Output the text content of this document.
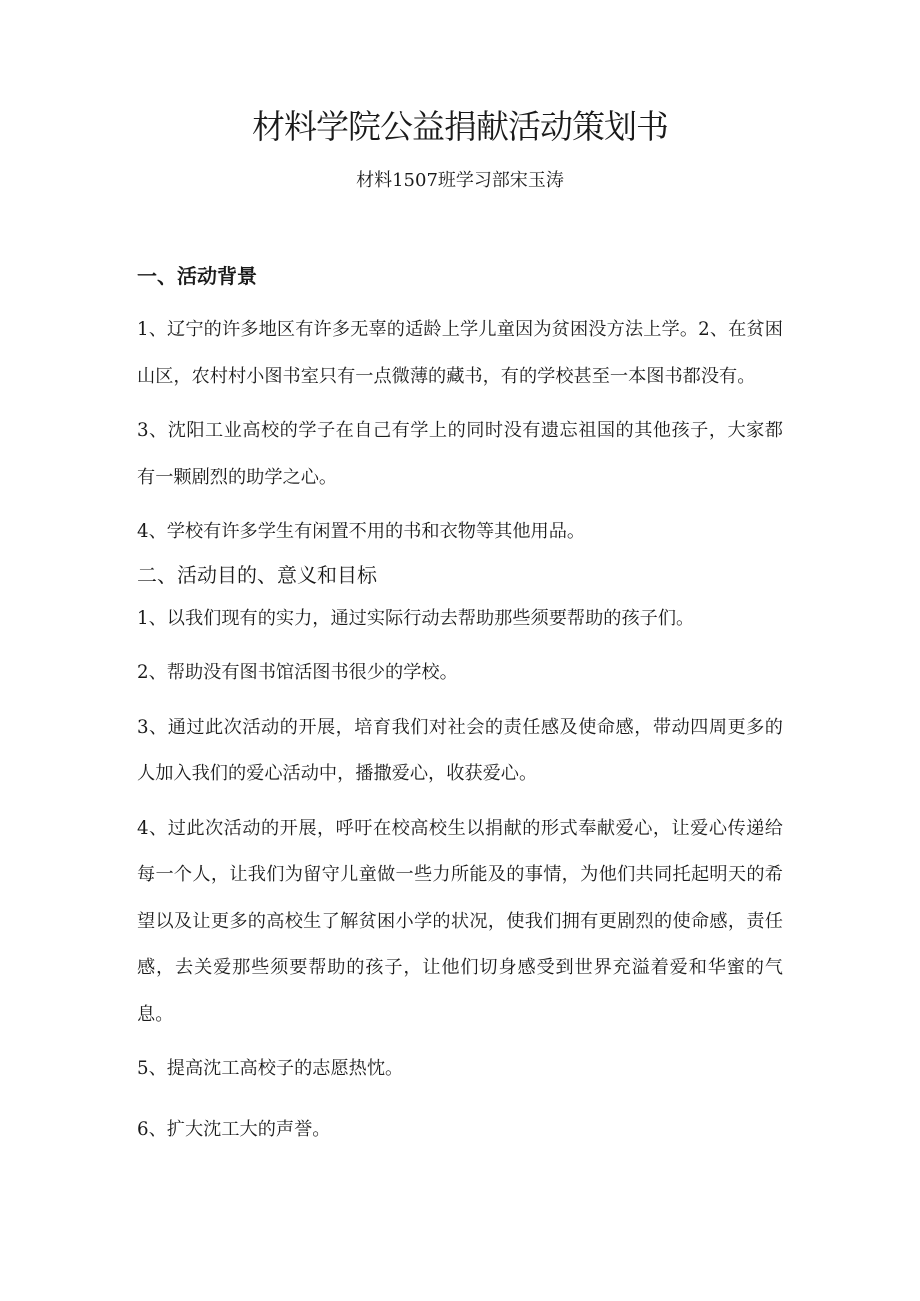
材料学院公益捐献活动策划书
材料1507班学习部宋玉涛
一、活动背景
1、辽宁的许多地区有许多无辜的适龄上学儿童因为贫困没方法上学。2、在贫困山区，农村村小图书室只有一点微薄的藏书，有的学校甚至一本图书都没有。
3、沈阳工业高校的学子在自己有学上的同时没有遗忘祖国的其他孩子，大家都有一颗剧烈的助学之心。
4、学校有许多学生有闲置不用的书和衣物等其他用品。
二、活动目的、意义和目标
1、以我们现有的实力，通过实际行动去帮助那些须要帮助的孩子们。
2、帮助没有图书馆活图书很少的学校。
3、通过此次活动的开展，培育我们对社会的责任感及使命感，带动四周更多的人加入我们的爱心活动中，播撒爱心，收获爱心。
4、过此次活动的开展，呼吁在校高校生以捐献的形式奉献爱心，让爱心传递给每一个人，让我们为留守儿童做一些力所能及的事情，为他们共同托起明天的希望以及让更多的高校生了解贫困小学的状况，使我们拥有更剧烈的使命感，责任感，去关爱那些须要帮助的孩子，让他们切身感受到世界充溢着爱和华蜜的气息。
5、提高沈工高校子的志愿热忱。
6、扩大沈工大的声誉。
